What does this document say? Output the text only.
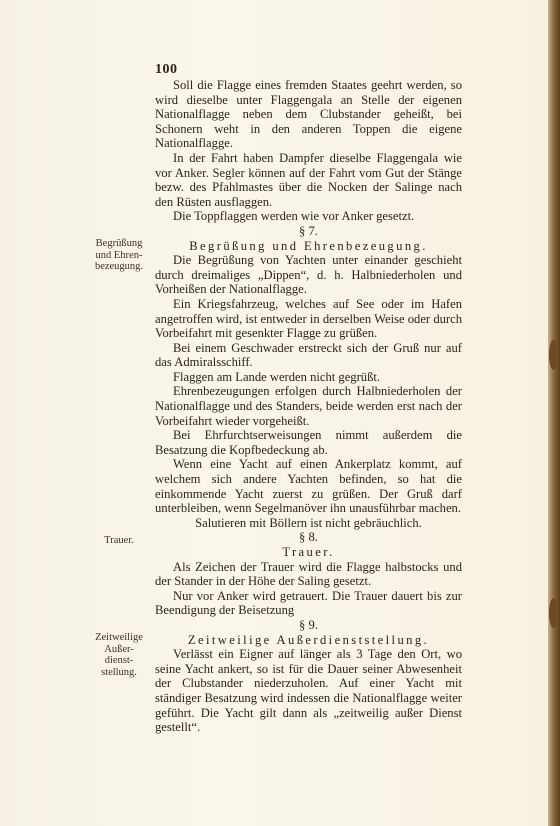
100

Soll die Flagge eines fremden Staates geehrt werden, so wird dieselbe unter Flaggengala an Stelle der eigenen Nationalflagge neben dem Clubstander geheißt, bei Schonern weht in den anderen Toppen die eigene Nationalflagge.

In der Fahrt haben Dampfer dieselbe Flaggengala wie vor Anker. Segler können auf der Fahrt vom Gut der Stänge bezw. des Pfahlmastes über die Nocken der Salinge nach den Rüsten ausflaggen.

Die Toppflaggen werden wie vor Anker gesetzt.

§ 7.

Begrüßung und Ehrenbezeugung.

Die Begrüßung von Yachten unter einander geschieht durch dreimaliges „Dippen“, d. h. Halbniederholen und Vorheißen der Nationalflagge.

Ein Kriegsfahrzeug, welches auf See oder im Hafen angetroffen wird, ist entweder in derselben Weise oder durch Vorbeifahrt mit gesenkter Flagge zu grüßen.

Bei einem Geschwader erstreckt sich der Gruß nur auf das Admiralsschiff.

Flaggen am Lande werden nicht gegrüßt.

Ehrenbezeugungen erfolgen durch Halbniederholen der Nationalflagge und des Standers, beide werden erst nach der Vorbeifahrt wieder vorgeheißt.

Bei Ehrfurchtserweisungen nimmt außerdem die Besatzung die Kopfbedeckung ab.

Wenn eine Yacht auf einen Ankerplatz kommt, auf welchem sich andere Yachten befinden, so hat die einkommende Yacht zuerst zu grüßen. Der Gruß darf unterbleiben, wenn Segelmanöver ihn unausführbar machen.

Salutieren mit Böllern ist nicht gebräuchlich.

§ 8.

Trauer.

Als Zeichen der Trauer wird die Flagge halbstocks und der Stander in der Höhe der Saling gesetzt.

Nur vor Anker wird getrauert. Die Trauer dauert bis zur Beendigung der Beisetzung

§ 9.

Zeitweilige Außerdienststellung.

Verlässt ein Eigner auf länger als 3 Tage den Ort, wo seine Yacht ankert, so ist für die Dauer seiner Abwesenheit der Clubstander niederzuholen. Auf einer Yacht mit ständiger Besatzung wird indessen die Nationalflagge weiter geführt. Die Yacht gilt dann als „zeitweilig außer Dienst gestellt“.

Begrüßung
und Ehren-
bezeugung.
Trauer.
Zeitweilige
Außer-
dienst-
stellung.
